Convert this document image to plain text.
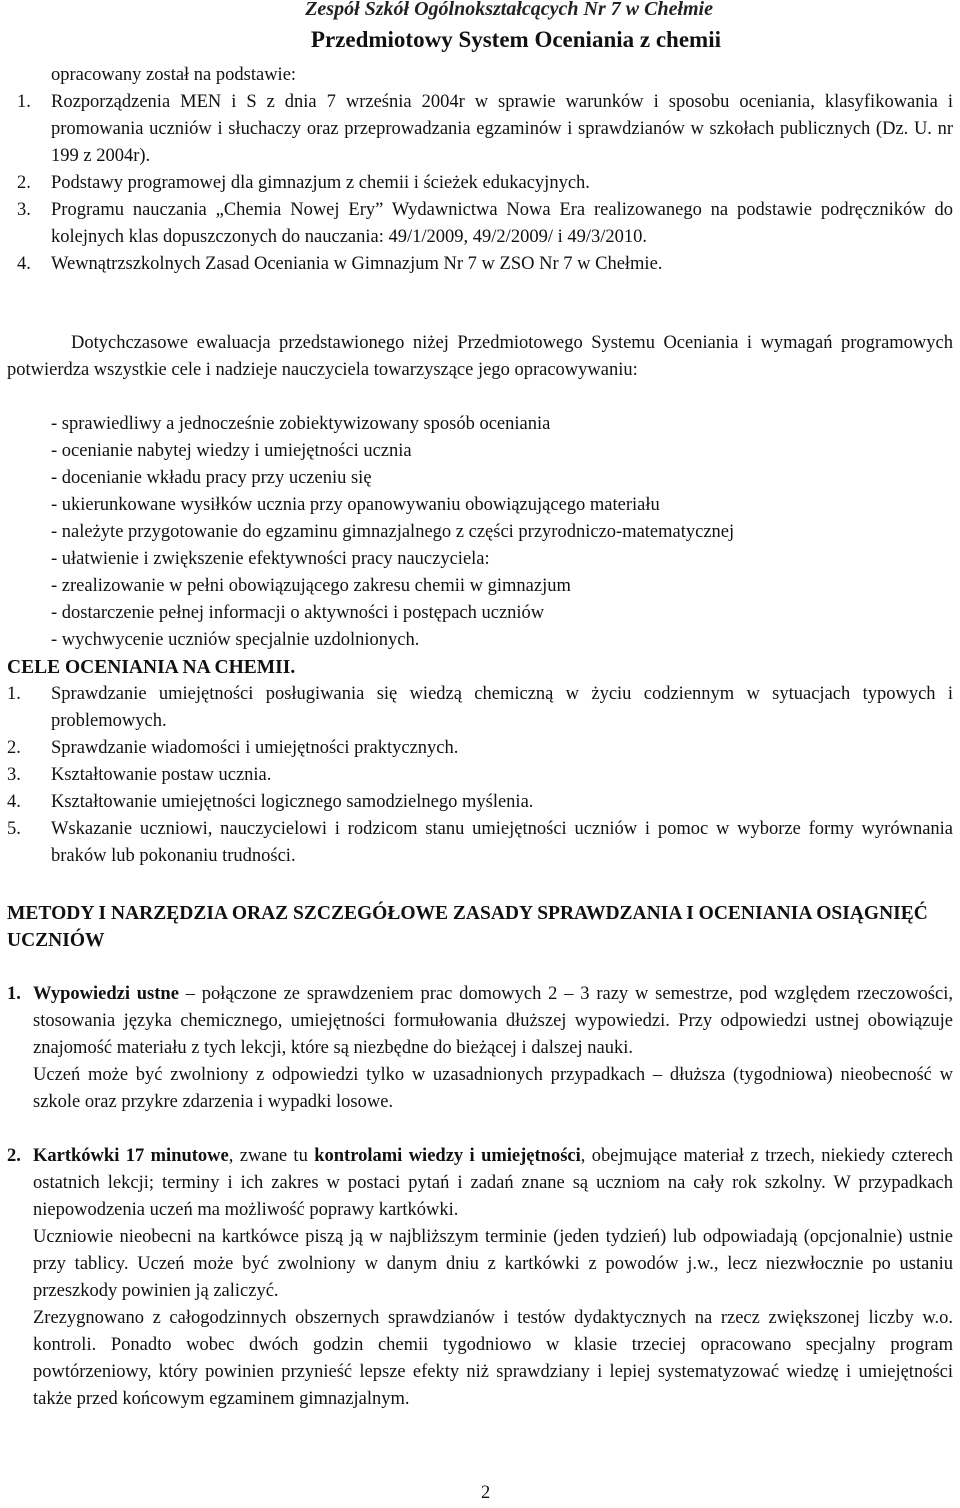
Zespół Szkół Ogólnokształcących Nr 7 w Chełmie
Przedmiotowy System Oceniania z chemii
opracowany został na podstawie:
1. Rozporządzenia MEN i S z dnia 7 września 2004r w sprawie warunków i sposobu oceniania, klasyfikowania i promowania uczniów i słuchaczy oraz przeprowadzania egzaminów i sprawdzianów w szkołach publicznych (Dz. U. nr 199 z 2004r).
2. Podstawy programowej dla gimnazjum z chemii i ścieżek edukacyjnych.
3. Programu nauczania „Chemia Nowej Ery” Wydawnictwa Nowa Era realizowanego na podstawie podręczników do kolejnych klas dopuszczonych do nauczania: 49/1/2009, 49/2/2009/ i 49/3/2010.
4. Wewnątrzszkolnych Zasad Oceniania w Gimnazjum Nr 7 w ZSO Nr 7 w Chełmie.
Dotychczasowe ewaluacja przedstawionego niżej Przedmiotowego Systemu Oceniania i wymagań programowych potwierdza wszystkie cele i nadzieje nauczyciela towarzyszące jego opracowywaniu:
- sprawiedliwy a jednocześnie zobiektywizowany sposób oceniania
- ocenianie nabytej wiedzy i umiejętności ucznia
- docenianie wkładu pracy przy uczeniu się
- ukierunkowane wysiłków ucznia przy opanowywaniu obowiązującego materiału
- należyte przygotowanie do egzaminu gimnazjalnego z części przyrodniczo-matematycznej
- ułatwienie i zwiększenie efektywności pracy nauczyciela:
- zrealizowanie w pełni obowiązującego zakresu chemii w gimnazjum
- dostarczenie pełnej informacji o aktywności i postępach uczniów
- wychwycenie uczniów specjalnie uzdolnionych.
CELE OCENIANIA NA CHEMII.
1. Sprawdzanie umiejętności posługiwania się wiedzą chemiczną w życiu codziennym w sytuacjach typowych i problemowych.
2. Sprawdzanie wiadomości i umiejętności praktycznych.
3. Kształtowanie postaw ucznia.
4. Kształtowanie umiejętności logicznego samodzielnego myślenia.
5. Wskazanie uczniowi, nauczycielowi i rodzicom stanu umiejętności uczniów i pomoc w wyborze formy wyrównania braków lub pokonaniu trudności.
METODY I NARZĘDZIA ORAZ SZCZEGÓŁOWE ZASADY SPRAWDZANIA I OCENIANIA OSIĄGNIĘĆ UCZNIÓW
1. Wypowiedzi ustne – połączone ze sprawdzeniem prac domowych 2 – 3 razy w semestrze, pod względem rzeczowości, stosowania języka chemicznego, umiejętności formułowania dłuższej wypowiedzi. Przy odpowiedzi ustnej obowiązuje znajomość materiału z tych lekcji, które są niezbędne do bieżącej i dalszej nauki.

Uczeń może być zwolniony z odpowiedzi tylko w uzasadnionych przypadkach – dłuższa (tygodniowa) nieobecność w szkole oraz przykre zdarzenia i wypadki losowe.

2. Kartkówki 17 minutowe, zwane tu kontrolami wiedzy i umiejętności, obejmujące materiał z trzech, niekiedy czterech ostatnich lekcji; terminy i ich zakres w postaci pytań i zadań znane są uczniom na cały rok szkolny. W przypadkach niepowodzenia uczeń ma możliwość poprawy kartkówki.

Uczniowie nieobecni na kartkówce piszą ją w najbliższym terminie (jeden tydzień) lub odpowiadają (opcjonalnie) ustnie przy tablicy. Uczeń może być zwolniony w danym dniu z kartkówki z powodów j.w., lecz niezwłocznie po ustaniu przeszkody powinien ją zaliczyć.

Zrezygnowano z całogodzinnych obszernych sprawdzianów i testów dydaktycznych na rzecz zwiększonej liczby w.o. kontroli. Ponadto wobec dwóch godzin chemii tygodniowo w klasie trzeciej opracowano specjalny program powtórzeniowy, który powinien przynieść lepsze efekty niż sprawdziany i lepiej systematyzować wiedzę i umiejętności także przed końcowym egzaminem gimnazjalnym.

2
